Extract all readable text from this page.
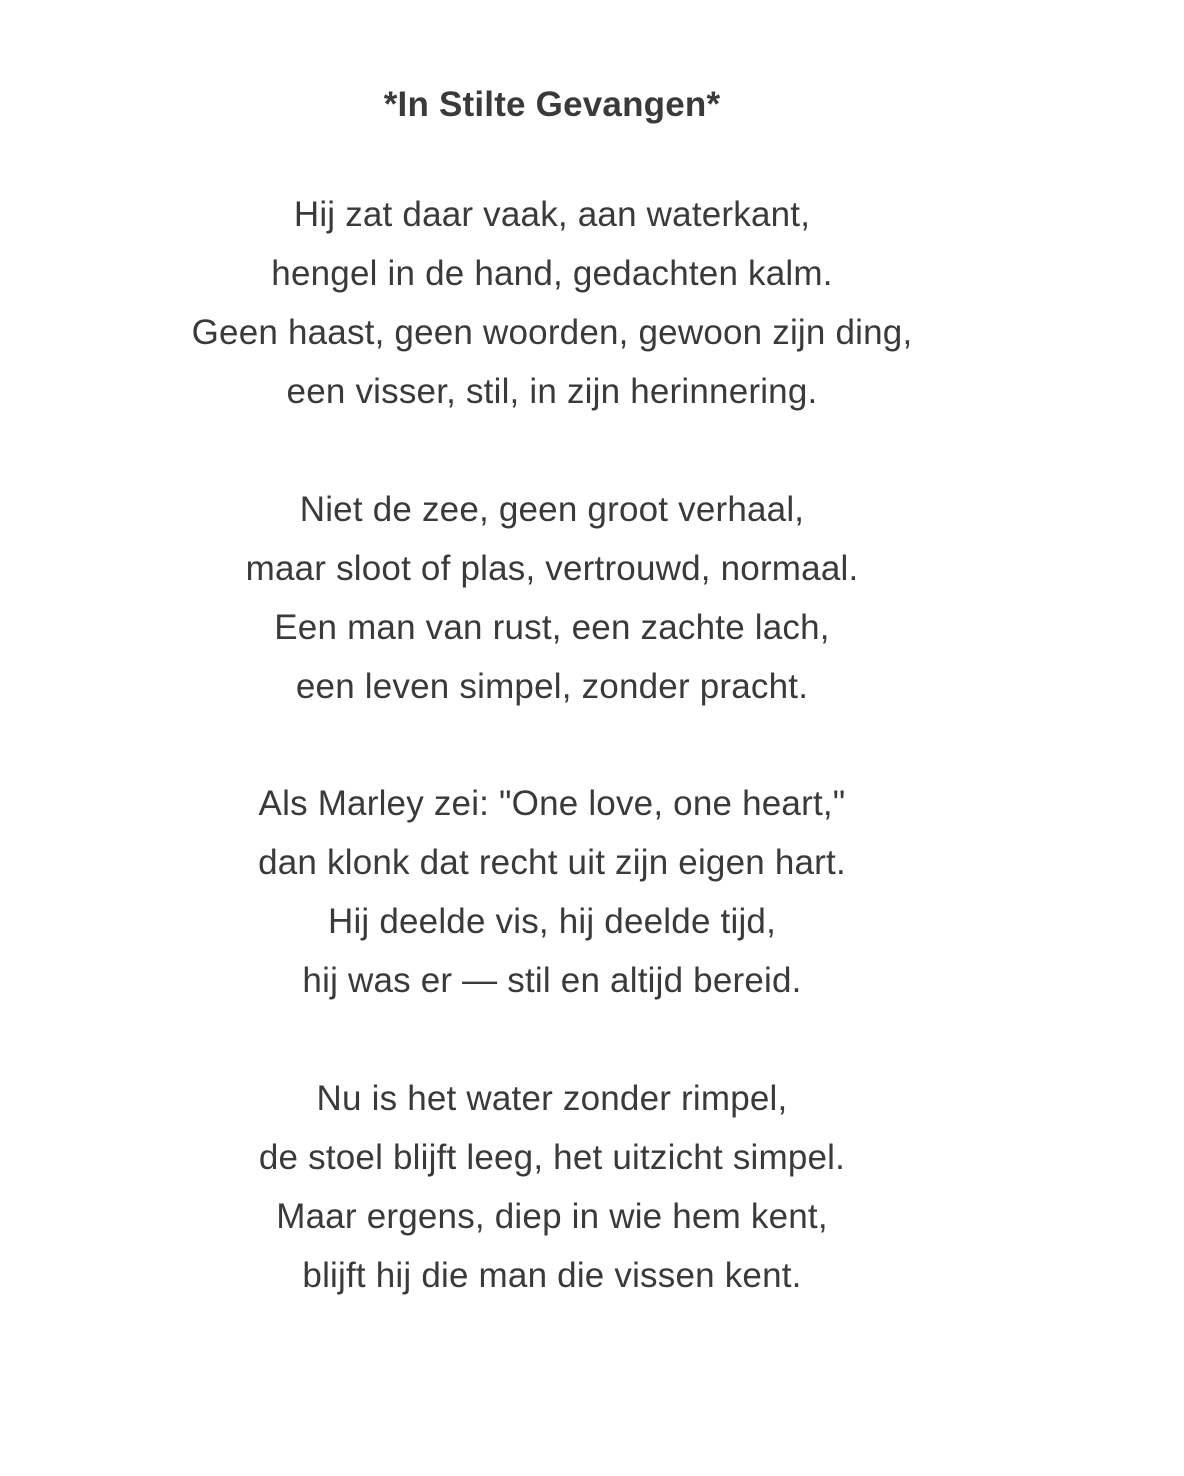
*In Stilte Gevangen*
Hij zat daar vaak, aan waterkant,
hengel in de hand, gedachten kalm.
Geen haast, geen woorden, gewoon zijn ding,
een visser, stil, in zijn herinnering.
Niet de zee, geen groot verhaal,
maar sloot of plas, vertrouwd, normaal.
Een man van rust, een zachte lach,
een leven simpel, zonder pracht.
Als Marley zei: "One love, one heart,"
dan klonk dat recht uit zijn eigen hart.
Hij deelde vis, hij deelde tijd,
hij was er — stil en altijd bereid.
Nu is het water zonder rimpel,
de stoel blijft leeg, het uitzicht simpel.
Maar ergens, diep in wie hem kent,
blijft hij die man die vissen kent.
